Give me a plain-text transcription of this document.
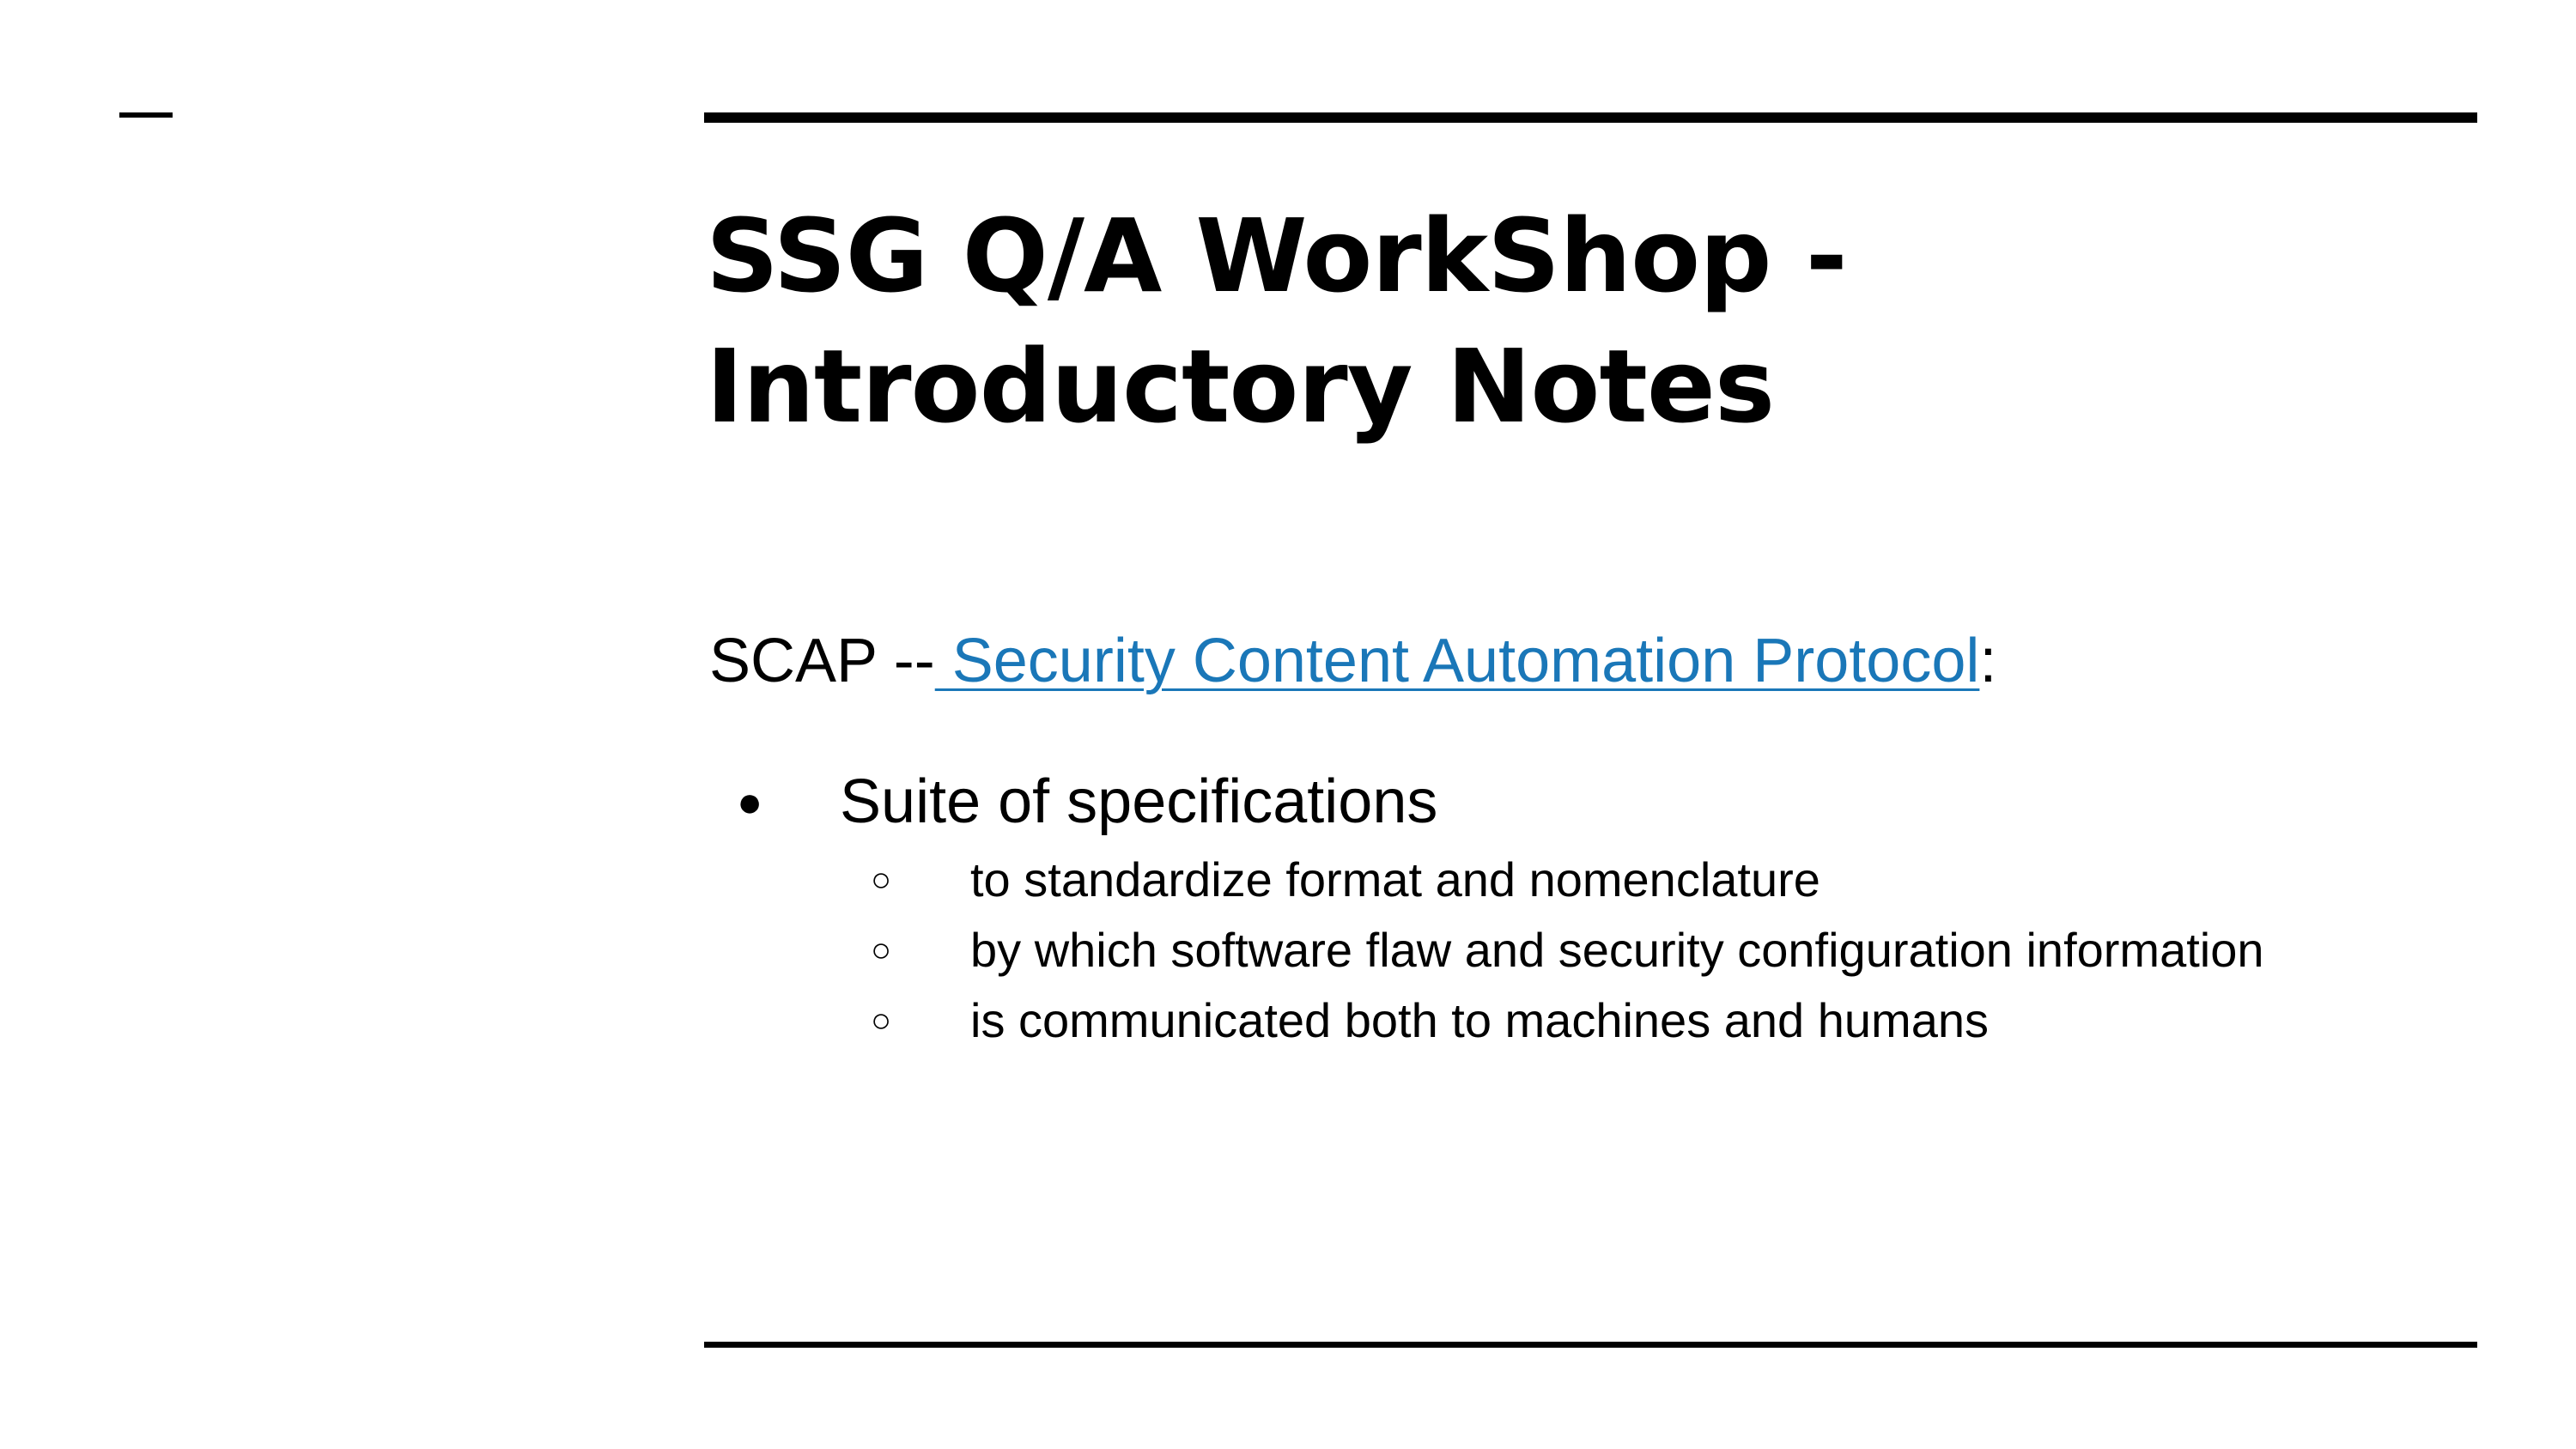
SSG Q/A WorkShop -
Introductory Notes

SCAP -- Security Content Automation Protocol:

● Suite of specifications
○ to standardize format and nomenclature
○ by which software flaw and security configuration information
○ is communicated both to machines and humans
